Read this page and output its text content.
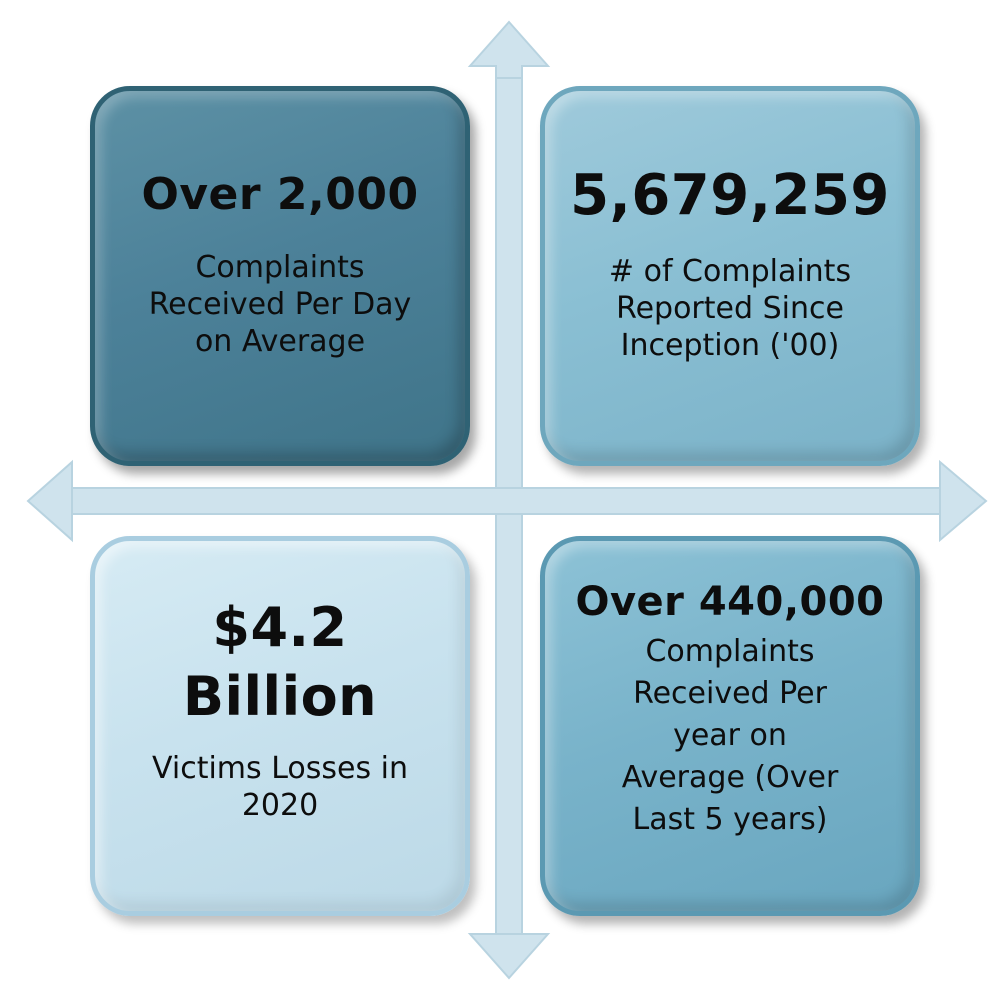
Over 2,000
Complaints
Received Per Day
on Average
5,679,259
# of Complaints
Reported Since
Inception ('00)
$4.2
Billion
Victims Losses in
2020
Over 440,000
Complaints
Received Per
year on
Average (Over
Last 5 years)
